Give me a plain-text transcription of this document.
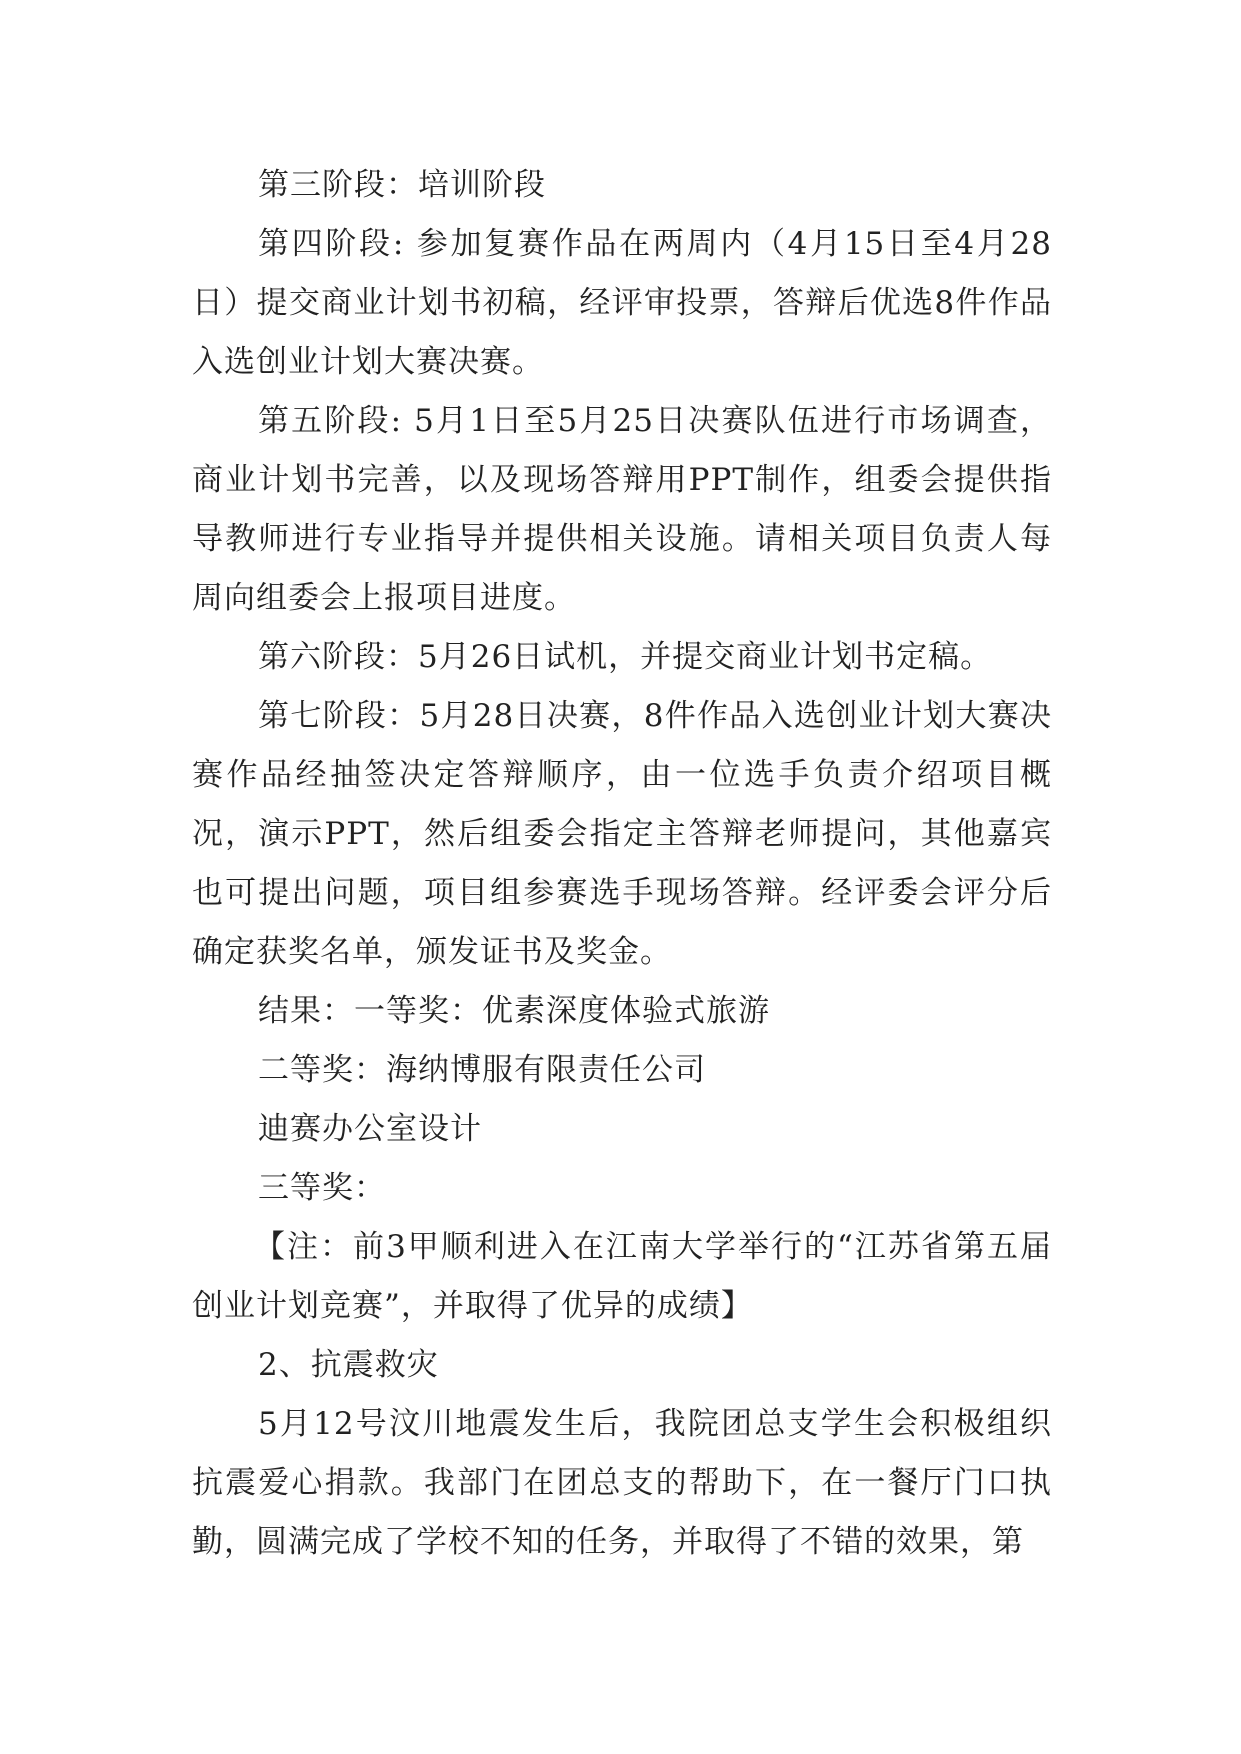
第三阶段：培训阶段

第四阶段: 参加复赛作品在两周内（4月15日至4月28日）提交商业计划书初稿，经评审投票，答辩后优选8件作品入选创业计划大赛决赛。

第五阶段: 5月1日至5月25日决赛队伍进行市场调查，商业计划书完善，以及现场答辩用PPT制作，组委会提供指导教师进行专业指导并提供相关设施。请相关项目负责人每周向组委会上报项目进度。

第六阶段：5月26日试机，并提交商业计划书定稿。

第七阶段：5月28日决赛，8件作品入选创业计划大赛决赛作品经抽签决定答辩顺序，由一位选手负责介绍项目概况，演示PPT，然后组委会指定主答辩老师提问，其他嘉宾也可提出问题，项目组参赛选手现场答辩。经评委会评分后确定获奖名单，颁发证书及奖金。

结果：一等奖：优素深度体验式旅游

二等奖：海纳博服有限责任公司

迪赛办公室设计

三等奖：

【注：前3甲顺利进入在江南大学举行的“江苏省第五届创业计划竞赛”，并取得了优异的成绩】

2、抗震救灾

5月12号汶川地震发生后，我院团总支学生会积极组织抗震爱心捐款。我部门在团总支的帮助下，在一餐厅门口执勤，圆满完成了学校不知的任务，并取得了不错的效果，第
